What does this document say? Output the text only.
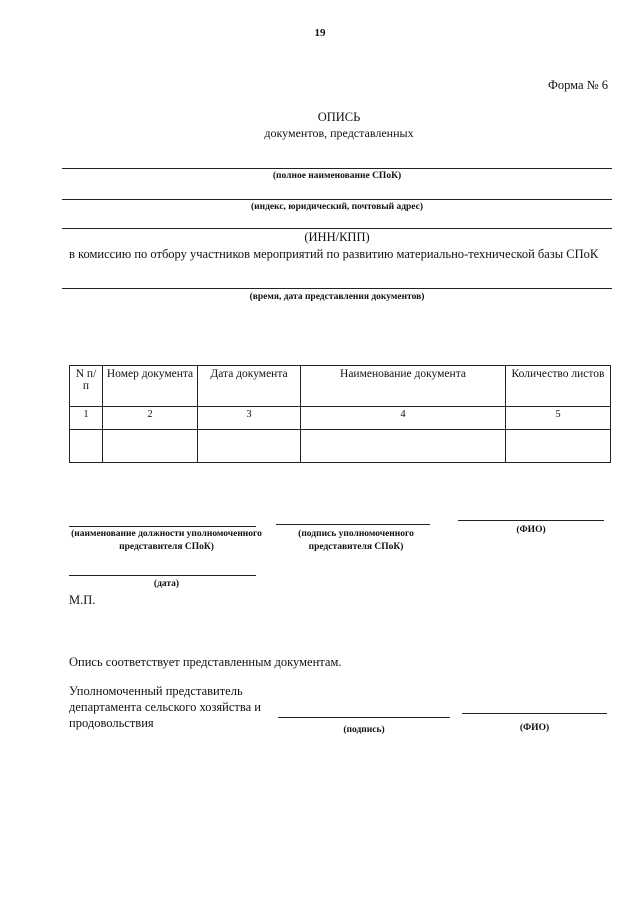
19
Форма № 6
ОПИСЬ
документов, представленных
(полное наименование СПоК)
(индекс, юридический, почтовый адрес)
(ИНН/КПП)
в комиссию по отбору участников мероприятий по развитию материально-технической базы СПоК
(время, дата представления документов)
N п/п	Номер документа	Дата документа	Наименование документа	Количество листов
1	2	3	4	5

(наименование должности уполномоченного представителя СПоК)
(подпись уполномоченного представителя СПоК)
(ФИО)
(дата)
М.П.
Опись соответствует представленным документам.
Уполномоченный представитель департамента сельского хозяйства и продовольствия	(подпись)	(ФИО)
